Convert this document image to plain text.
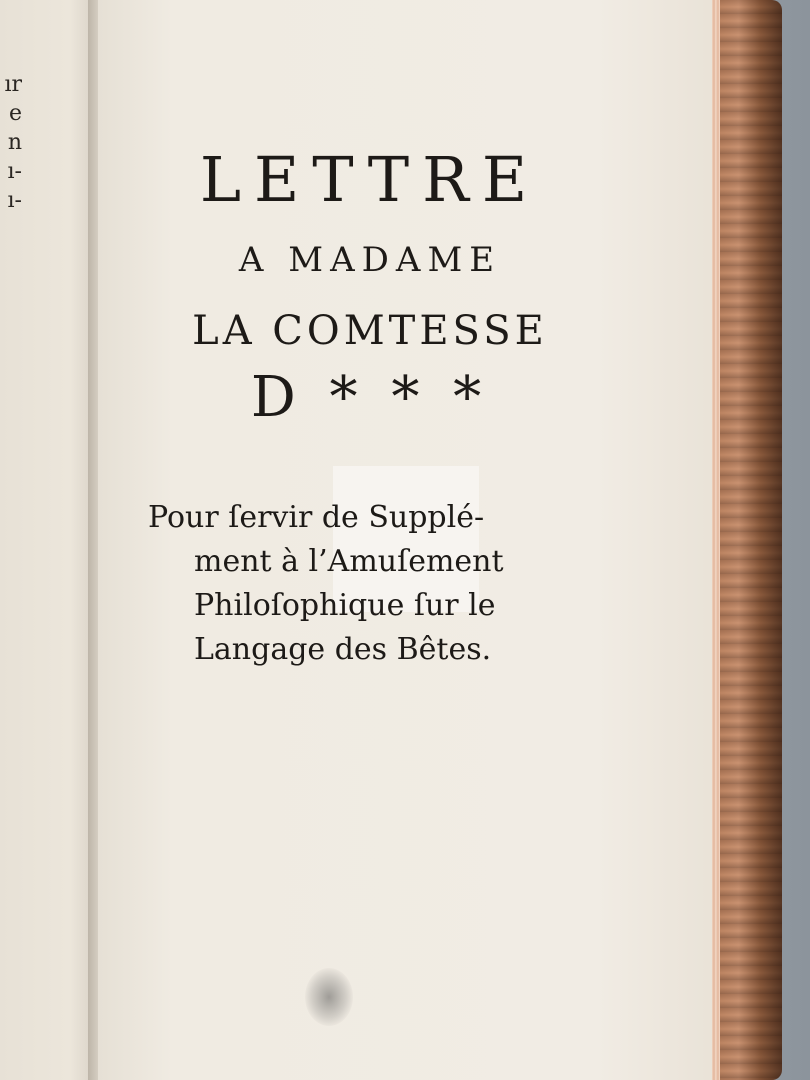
ır
e
n
ı-
ı-	LETTRE

A MADAME

LA COMTESSE

D * * *

Pour ſervir de Supplé-

ment à l’Amuſement

Philoſophique ſur le

Langage des Bêtes.
